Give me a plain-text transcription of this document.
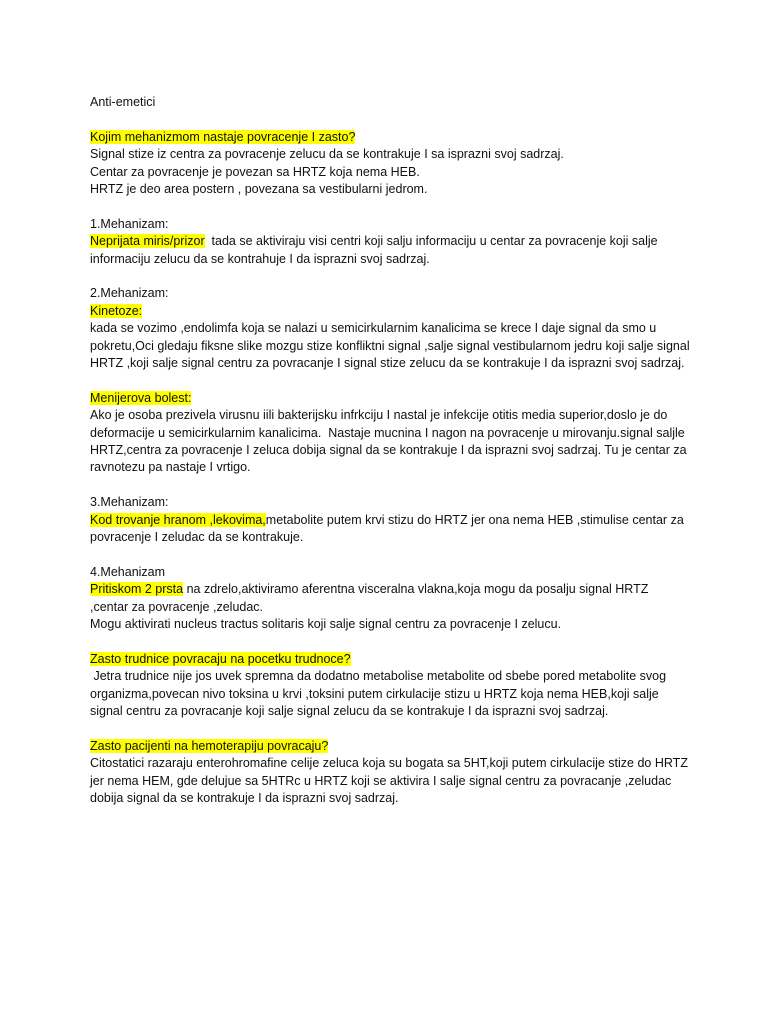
Anti-emetici

Kojim mehanizmom nastaje povracenje I zasto?

Signal stize iz centra za povracenje zelucu da se kontrakuje I sa isprazni svoj sadrzaj.

Centar za povracenje je povezan sa HRTZ koja nema HEB.

HRTZ je deo area postern , povezana sa vestibularni jedrom.

1.Mehanizam:

Neprijata miris/prizor  tada se aktiviraju visi centri koji salju informaciju u centar za povracenje koji salje informaciju zelucu da se kontrahuje I da isprazni svoj sadrzaj.

2.Mehanizam:

Kinetoze:

kada se vozimo ,endolimfa koja se nalazi u semicirkularnim kanalicima se krece I daje signal da smo u pokretu,Oci gledaju fiksne slike mozgu stize konfliktni signal ,salje signal vestibularnom jedru koji salje signal HRTZ ,koji salje signal centru za povracanje I signal stize zelucu da se kontrakuje I da isprazni svoj sadrzaj.

Menijerova bolest:

Ako je osoba prezivela virusnu iili bakterijsku infrkciju I nastal je infekcije otitis media superior,doslo je do deformacije u semicirkularnim kanalicima.  Nastaje mucnina I nagon na povracenje u mirovanju.signal saljle HRTZ,centra za povracenje I zeluca dobija signal da se kontrakuje I da isprazni svoj sadrzaj. Tu je centar za ravnotezu pa nastaje I vrtigo.

3.Mehanizam:

Kod trovanje hranom ,lekovima,metabolite putem krvi stizu do HRTZ jer ona nema HEB ,stimulise centar za povracenje I zeludac da se kontrakuje.

4.Mehanizam

Pritiskom 2 prsta na zdrelo,aktiviramo aferentna visceralna vlakna,koja mogu da posalju signal HRTZ ,centar za povracenje ,zeludac.

Mogu aktivirati nucleus tractus solitaris koji salje signal centru za povracenje I zelucu.

Zasto trudnice povracaju na pocetku trudnoce?

Jetra trudnice nije jos uvek spremna da dodatno metabolise metabolite od sbebe pored metabolite svog organizma,povecan nivo toksina u krvi ,toksini putem cirkulacije stizu u HRTZ koja nema HEB,koji salje signal centru za povracanje koji salje signal zelucu da se kontrakuje I da isprazni svoj sadrzaj.

Zasto pacijenti na hemoterapiju povracaju?

Citostatici razaraju enterohromafine celije zeluca koja su bogata sa 5HT,koji putem cirkulacije stize do HRTZ  jer nema HEM, gde delujue sa 5HTRc u HRTZ koji se aktivira I salje signal centru za povracanje ,zeludac dobija signal da se kontrakuje I da isprazni svoj sadrzaj.
